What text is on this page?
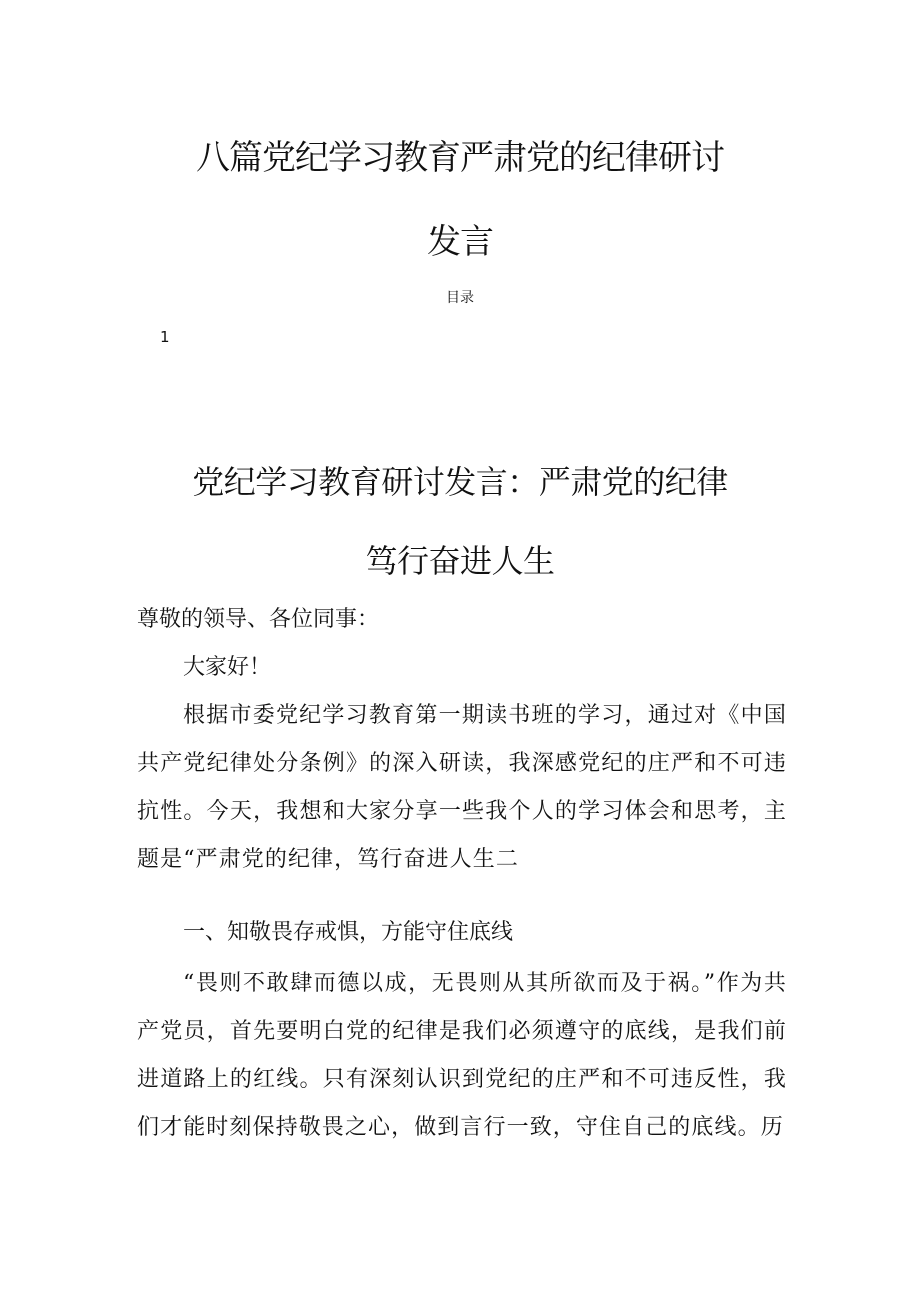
八篇党纪学习教育严肃党的纪律研讨
发言
目录
1
党纪学习教育研讨发言：严肃党的纪律
笃行奋进人生

尊敬的领导、各位同事：

大家好！

根据市委党纪学习教育第一期读书班的学习，通过对《中国共产党纪律处分条例》的深入研读，我深感党纪的庄严和不可违抗性。今天，我想和大家分享一些我个人的学习体会和思考，主题是“严肃党的纪律，笃行奋进人生二

一、知敬畏存戒惧，方能守住底线

“畏则不敢肆而德以成，无畏则从其所欲而及于祸。”作为共产党员，首先要明白党的纪律是我们必须遵守的底线，是我们前进道路上的红线。只有深刻认识到党纪的庄严和不可违反性，我们才能时刻保持敬畏之心，做到言行一致，守住自己的底线。历
